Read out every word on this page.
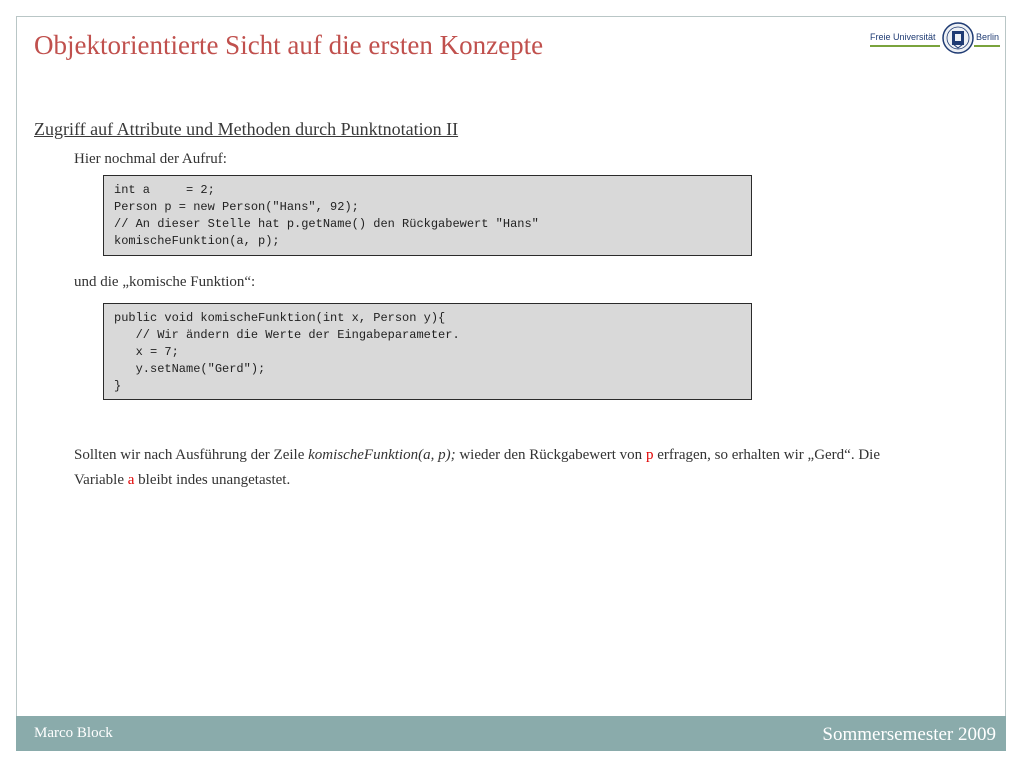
Objektorientierte Sicht auf die ersten Konzepte	Freie Universität	Berlin
Zugriff auf Attribute und Methoden durch Punktnotation II
Hier nochmal der Aufruf:
int a     = 2;
Person p = new Person("Hans", 92);
// An dieser Stelle hat p.getName() den Rückgabewert "Hans"
komischeFunktion(a, p);
und die „komische Funktion“:
public void komischeFunktion(int x, Person y){
// Wir ändern die Werte der Eingabeparameter.
x = 7;
y.setName("Gerd");
}
Sollten wir nach Ausführung der Zeile komischeFunktion(a, p); wieder den Rückgabewert von p erfragen, so erhalten wir „Gerd“. Die Variable a bleibt indes unangetastet.
Marco Block	Sommersemester 2009
